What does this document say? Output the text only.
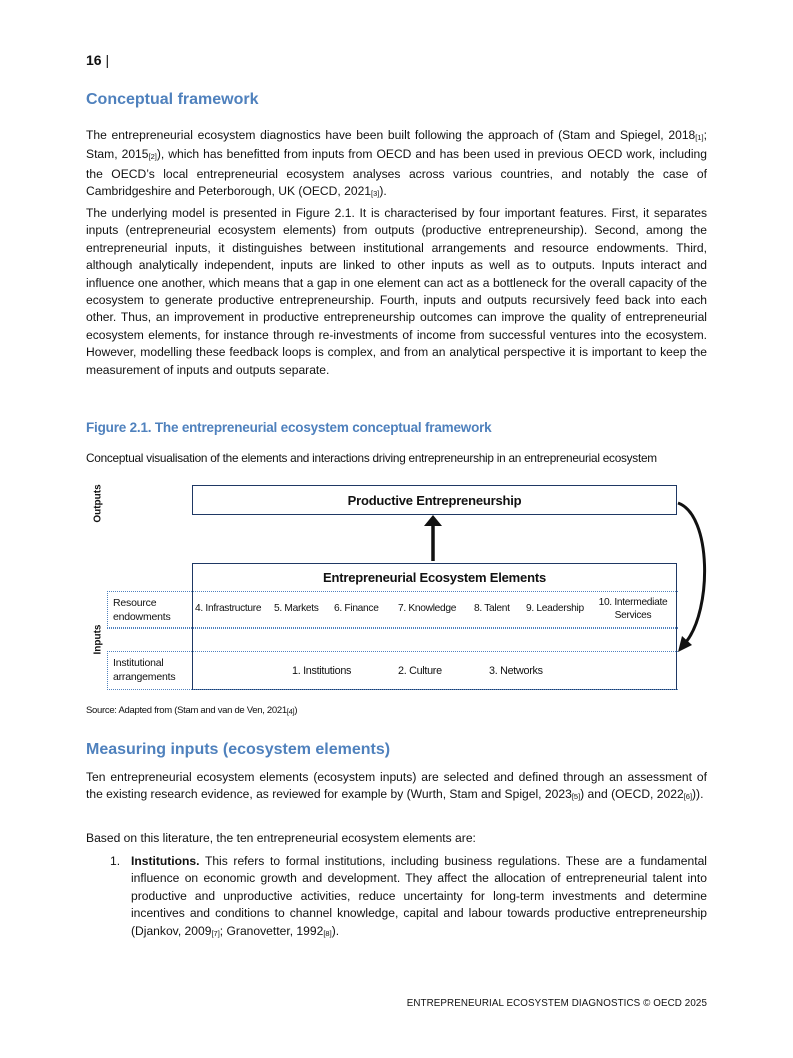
16 |
Conceptual framework

The entrepreneurial ecosystem diagnostics have been built following the approach of (Stam and Spiegel, 2018[1]; Stam, 2015[2]), which has benefitted from inputs from OECD and has been used in previous OECD work, including the OECD’s local entrepreneurial ecosystem analyses across various countries, and notably the case of Cambridgeshire and Peterborough, UK (OECD, 2021[3]).

The underlying model is presented in Figure 2.1. It is characterised by four important features. First, it separates inputs (entrepreneurial ecosystem elements) from outputs (productive entrepreneurship). Second, among the entrepreneurial inputs, it distinguishes between institutional arrangements and resource endowments. Third, although analytically independent, inputs are linked to other inputs as well as to outputs. Inputs interact and influence one another, which means that a gap in one element can act as a bottleneck for the overall capacity of the ecosystem to generate productive entrepreneurship. Fourth, inputs and outputs recursively feed back into each other. Thus, an improvement in productive entrepreneurship outcomes can improve the quality of entrepreneurial ecosystem elements, for instance through re-investments of income from successful ventures into the ecosystem. However, modelling these feedback loops is complex, and from an analytical perspective it is important to keep the measurement of inputs and outputs separate.

Figure 2.1. The entrepreneurial ecosystem conceptual framework
Conceptual visualisation of the elements and interactions driving entrepreneurship in an entrepreneurial ecosystem
Outputs
Inputs
Productive Entrepreneurship
Entrepreneurial Ecosystem Elements
Resource endowments
Institutional arrangements
4. Infrastructure 5. Markets 6. Finance 7. Knowledge 8. Talent 9. Leadership
10. Intermediate Services
1. Institutions	2. Culture	3. Networks
Source: Adapted from (Stam and van de Ven, 2021[4])
Measuring inputs (ecosystem elements)

Ten entrepreneurial ecosystem elements (ecosystem inputs) are selected and defined through an assessment of the existing research evidence, as reviewed for example by (Wurth, Stam and Spigel, 2023[5]) and (OECD, 2022[6])).

Based on this literature, the ten entrepreneurial ecosystem elements are:

1. Institutions. This refers to formal institutions, including business regulations. These are a fundamental influence on economic growth and development. They affect the allocation of entrepreneurial talent into productive and unproductive activities, reduce uncertainty for long-term investments and determine incentives and conditions to channel knowledge, capital and labour towards productive entrepreneurship (Djankov, 2009[7]; Granovetter, 1992[8]).
ENTREPRENEURIAL ECOSYSTEM DIAGNOSTICS © OECD 2025
